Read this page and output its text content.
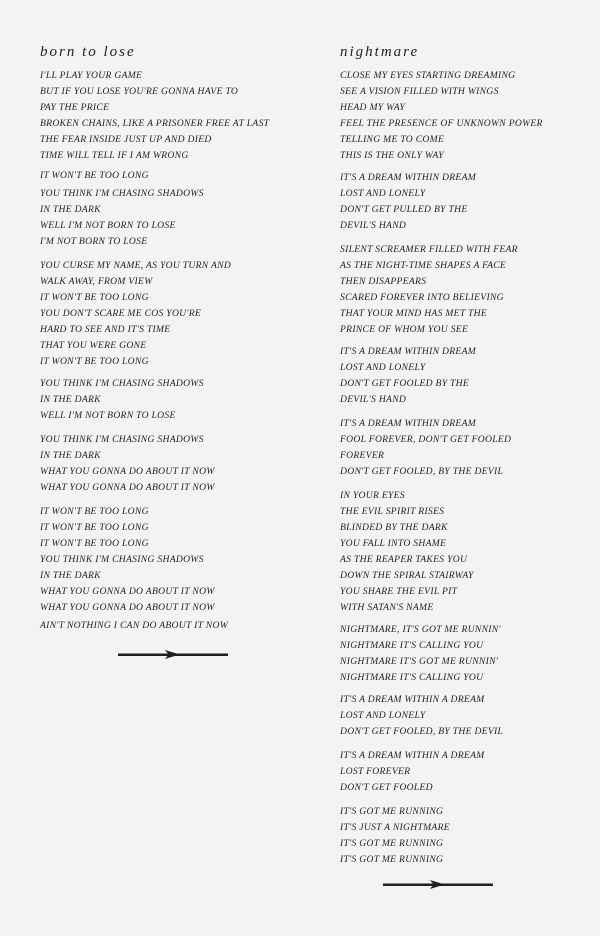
born to lose
I'LL PLAY YOUR GAME
BUT IF YOU LOSE YOU'RE GONNA HAVE TO
PAY THE PRICE
BROKEN CHAINS, LIKE A PRISONER FREE AT LAST
THE FEAR INSIDE JUST UP AND DIED
TIME WILL TELL IF I AM WRONG
IT WON'T BE TOO LONG
YOU THINK I'M CHASING SHADOWS
IN THE DARK
WELL I'M NOT BORN TO LOSE
I'M NOT BORN TO LOSE
YOU CURSE MY NAME, AS YOU TURN AND
WALK AWAY, FROM VIEW
IT WON'T BE TOO LONG
YOU DON'T SCARE ME COS YOU'RE
HARD TO SEE AND IT'S TIME
THAT YOU WERE GONE
IT WON'T BE TOO LONG
YOU THINK I'M CHASING SHADOWS
IN THE DARK
WELL I'M NOT BORN TO LOSE
YOU THINK I'M CHASING SHADOWS
IN THE DARK
WHAT YOU GONNA DO ABOUT IT NOW
WHAT YOU GONNA DO ABOUT IT NOW
IT WON'T BE TOO LONG
IT WON'T BE TOO LONG
IT WON'T BE TOO LONG
YOU THINK I'M CHASING SHADOWS
IN THE DARK
WHAT YOU GONNA DO ABOUT IT NOW
WHAT YOU GONNA DO ABOUT IT NOW
AIN'T NOTHING I CAN DO ABOUT IT NOW
nightmare
CLOSE MY EYES STARTING DREAMING
SEE A VISION FILLED WITH WINGS
HEAD MY WAY
FEEL THE PRESENCE OF UNKNOWN POWER
TELLING ME TO COME
THIS IS THE ONLY WAY
IT'S A DREAM WITHIN DREAM
LOST AND LONELY
DON'T GET PULLED BY THE
DEVIL'S HAND
SILENT SCREAMER FILLED WITH FEAR
AS THE NIGHT-TIME SHAPES A FACE
THEN DISAPPEARS
SCARED FOREVER INTO BELIEVING
THAT YOUR MIND HAS MET THE
PRINCE OF WHOM YOU SEE
IT'S A DREAM WITHIN DREAM
LOST AND LONELY
DON'T GET FOOLED BY THE
DEVIL'S HAND
IT'S A DREAM WITHIN DREAM
FOOL FOREVER, DON'T GET FOOLED
FOREVER
DON'T GET FOOLED, BY THE DEVIL
IN YOUR EYES
THE EVIL SPIRIT RISES
BLINDED BY THE DARK
YOU FALL INTO SHAME
AS THE REAPER TAKES YOU
DOWN THE SPIRAL STAIRWAY
YOU SHARE THE EVIL PIT
WITH SATAN'S NAME
NIGHTMARE, IT'S GOT ME RUNNIN'
NIGHTMARE IT'S CALLING YOU
NIGHTMARE IT'S GOT ME RUNNIN'
NIGHTMARE IT'S CALLING YOU
IT'S A DREAM WITHIN A DREAM
LOST AND LONELY
DON'T GET FOOLED, BY THE DEVIL
IT'S A DREAM WITHIN A DREAM
LOST FOREVER
DON'T GET FOOLED
IT'S GOT ME RUNNING
IT'S JUST A NIGHTMARE
IT'S GOT ME RUNNING
IT'S GOT ME RUNNING
